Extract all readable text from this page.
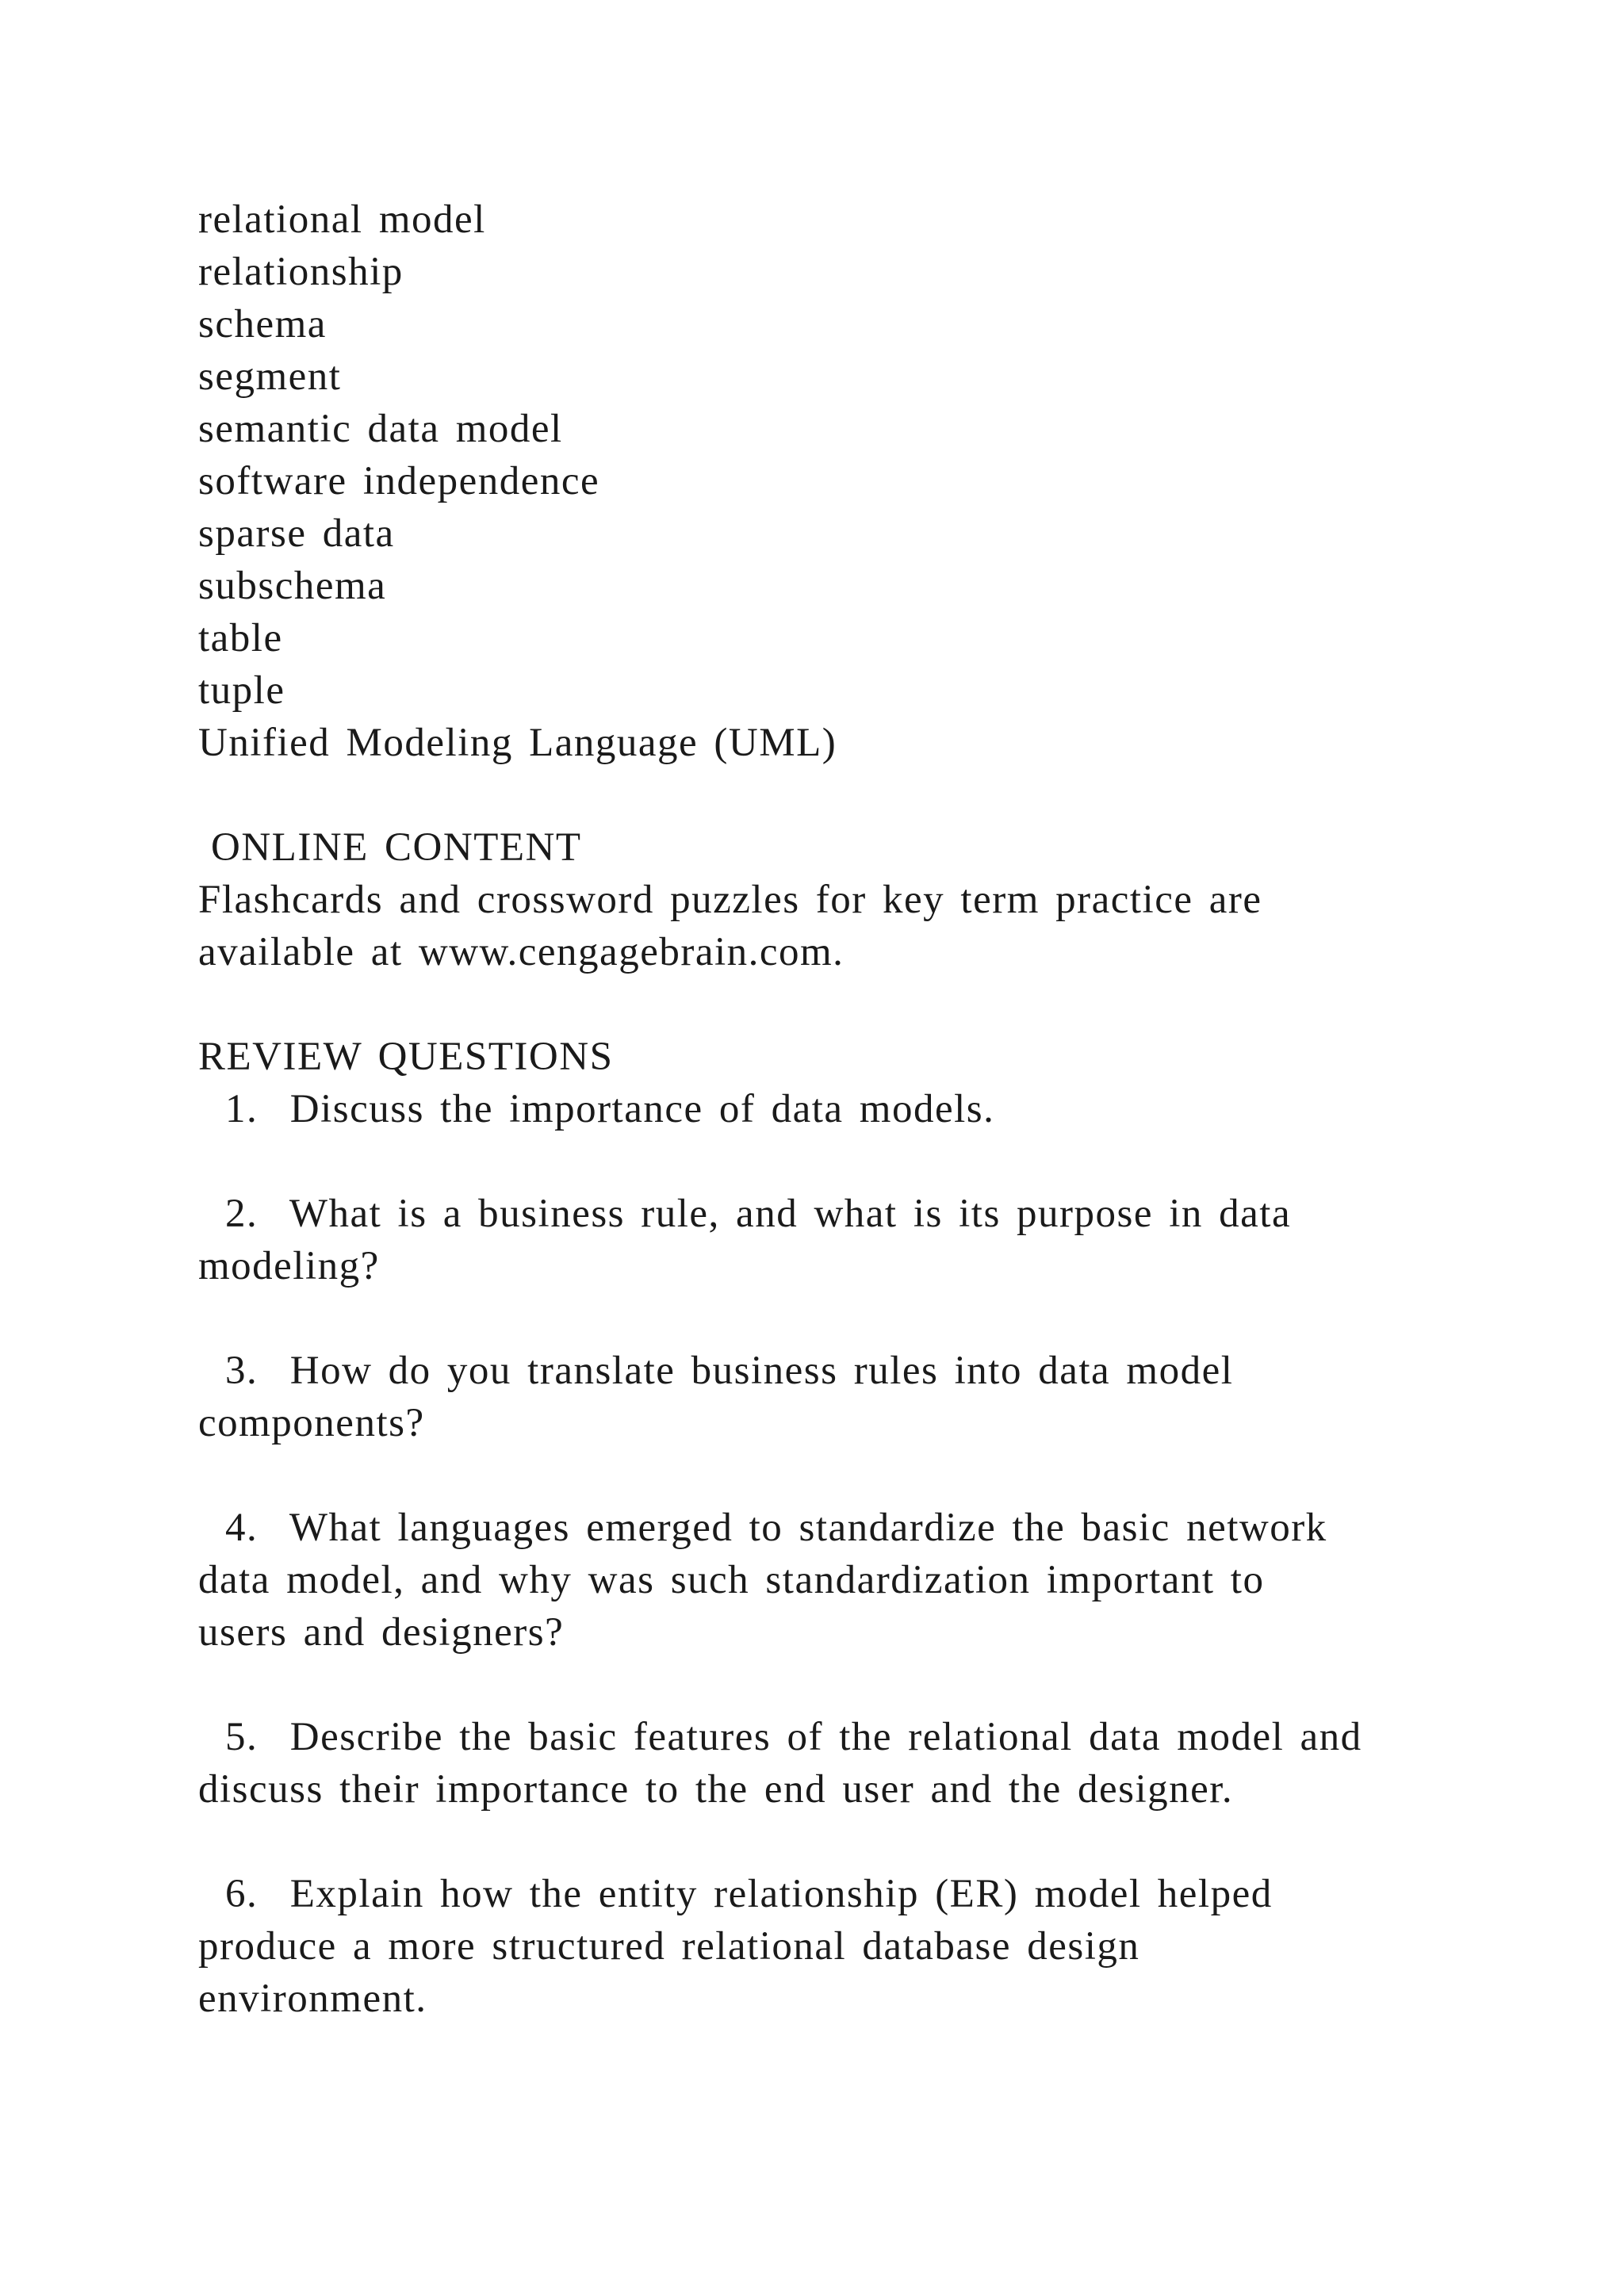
relational model
relationship
schema
segment
semantic data model
software independence
sparse data
subschema
table
tuple
Unified Modeling Language (UML)
ONLINE CONTENT
Flashcards and crossword puzzles for key term practice are
available at www.cengagebrain.com.
REVIEW QUESTIONS
1.  Discuss the importance of data models.
2.  What is a business rule, and what is its purpose in data
modeling?
3.  How do you translate business rules into data model
components?
4.  What languages emerged to standardize the basic network
data model, and why was such standardization important to
users and designers?
5.  Describe the basic features of the relational data model and
discuss their importance to the end user and the designer.
6.  Explain how the entity relationship (ER) model helped
produce a more structured relational database design
environment.
